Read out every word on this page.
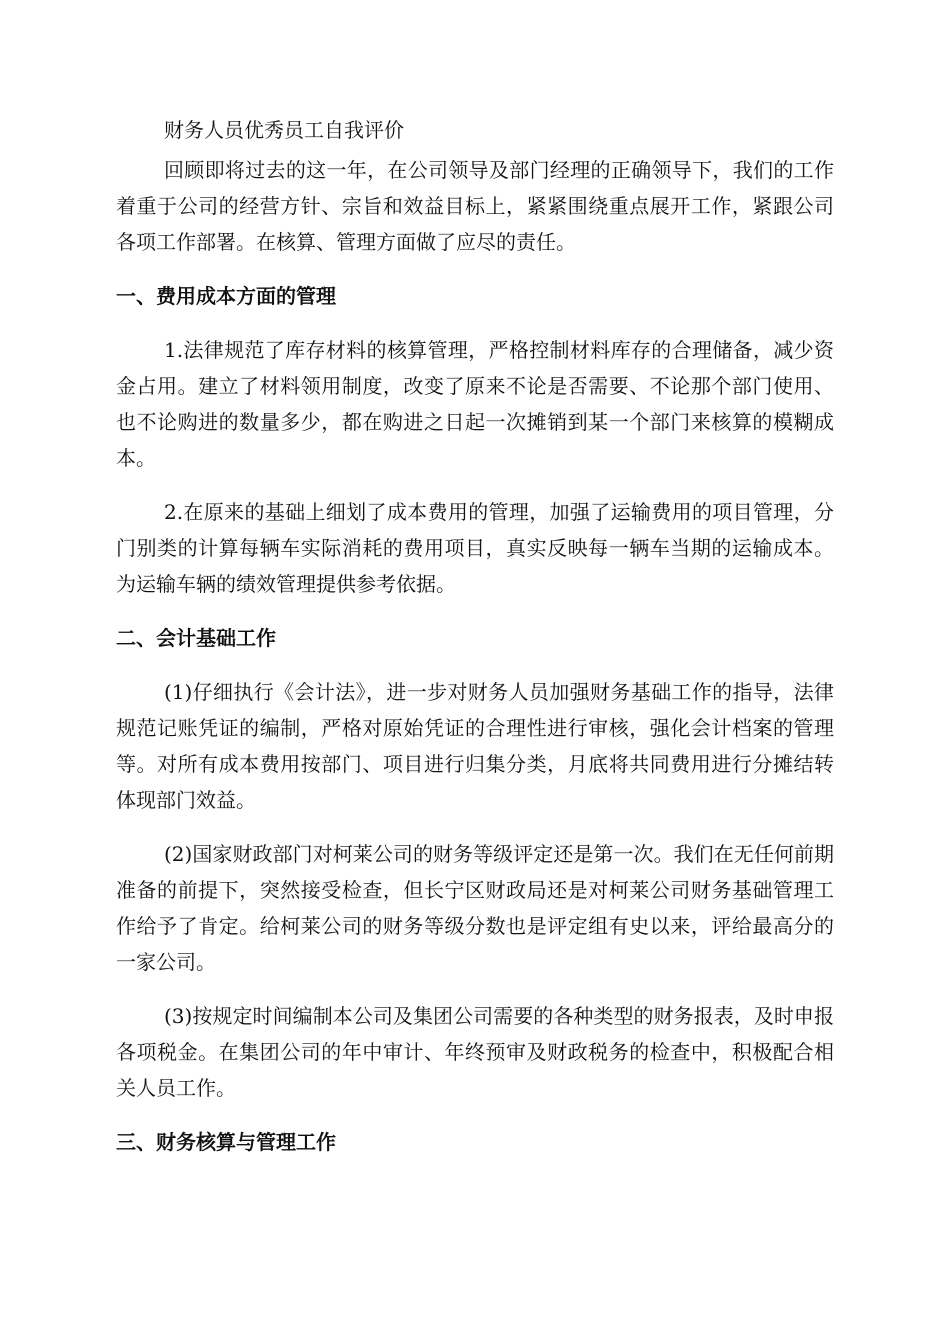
财务人员优秀员工自我评价

回顾即将过去的这一年，在公司领导及部门经理的正确领导下，我们的工作着重于公司的经营方针、宗旨和效益目标上，紧紧围绕重点展开工作，紧跟公司各项工作部署。在核算、管理方面做了应尽的责任。

一、费用成本方面的管理

1.法律规范了库存材料的核算管理，严格控制材料库存的合理储备，减少资金占用。建立了材料领用制度，改变了原来不论是否需要、不论那个部门使用、也不论购进的数量多少，都在购进之日起一次摊销到某一个部门来核算的模糊成本。

2.在原来的基础上细划了成本费用的管理，加强了运输费用的项目管理，分门别类的计算每辆车实际消耗的费用项目，真实反映每一辆车当期的运输成本。为运输车辆的绩效管理提供参考依据。

二、会计基础工作

(1)仔细执行《会计法》，进一步对财务人员加强财务基础工作的指导，法律规范记账凭证的编制，严格对原始凭证的合理性进行审核，强化会计档案的管理等。对所有成本费用按部门、项目进行归集分类，月底将共同费用进行分摊结转体现部门效益。

(2)国家财政部门对柯莱公司的财务等级评定还是第一次。我们在无任何前期准备的前提下，突然接受检查，但长宁区财政局还是对柯莱公司财务基础管理工作给予了肯定。给柯莱公司的财务等级分数也是评定组有史以来，评给最高分的一家公司。

(3)按规定时间编制本公司及集团公司需要的各种类型的财务报表，及时申报各项税金。在集团公司的年中审计、年终预审及财政税务的检查中，积极配合相关人员工作。

三、财务核算与管理工作
